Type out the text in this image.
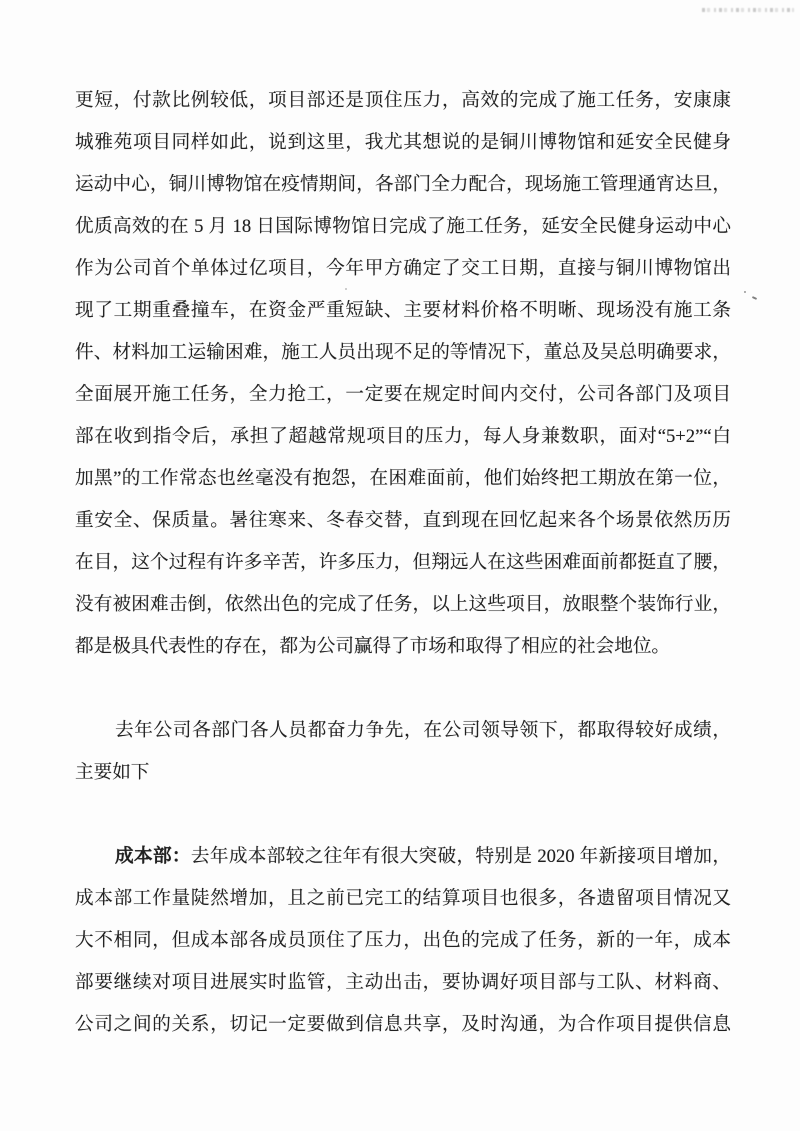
更短，付款比例较低，项目部还是顶住压力，高效的完成了施工任务，安康康
城雅苑项目同样如此，说到这里，我尤其想说的是铜川博物馆和延安全民健身
运动中心，铜川博物馆在疫情期间，各部门全力配合，现场施工管理通宵达旦，
优质高效的在 5 月 18 日国际博物馆日完成了施工任务，延安全民健身运动中心
作为公司首个单体过亿项目，今年甲方确定了交工日期，直接与铜川博物馆出
现了工期重叠撞车，在资金严重短缺、主要材料价格不明晰、现场没有施工条
件、材料加工运输困难，施工人员出现不足的等情况下，董总及吴总明确要求，
全面展开施工任务，全力抢工，一定要在规定时间内交付，公司各部门及项目
部在收到指令后，承担了超越常规项目的压力，每人身兼数职，面对“5+2”“白
加黑”的工作常态也丝毫没有抱怨，在困难面前，他们始终把工期放在第一位，
重安全、保质量。暑往寒来、冬春交替，直到现在回忆起来各个场景依然历历
在目，这个过程有许多辛苦，许多压力，但翔远人在这些困难面前都挺直了腰，
没有被困难击倒，依然出色的完成了任务，以上这些项目，放眼整个装饰行业，
都是极具代表性的存在，都为公司赢得了市场和取得了相应的社会地位。
去年公司各部门各人员都奋力争先，在公司领导领下，都取得较好成绩，
主要如下
成本部：去年成本部较之往年有很大突破，特别是 2020 年新接项目增加，
成本部工作量陡然增加，且之前已完工的结算项目也很多，各遗留项目情况又
大不相同，但成本部各成员顶住了压力，出色的完成了任务，新的一年，成本
部要继续对项目进展实时监管，主动出击，要协调好项目部与工队、材料商、
公司之间的关系，切记一定要做到信息共享，及时沟通，为合作项目提供信息
